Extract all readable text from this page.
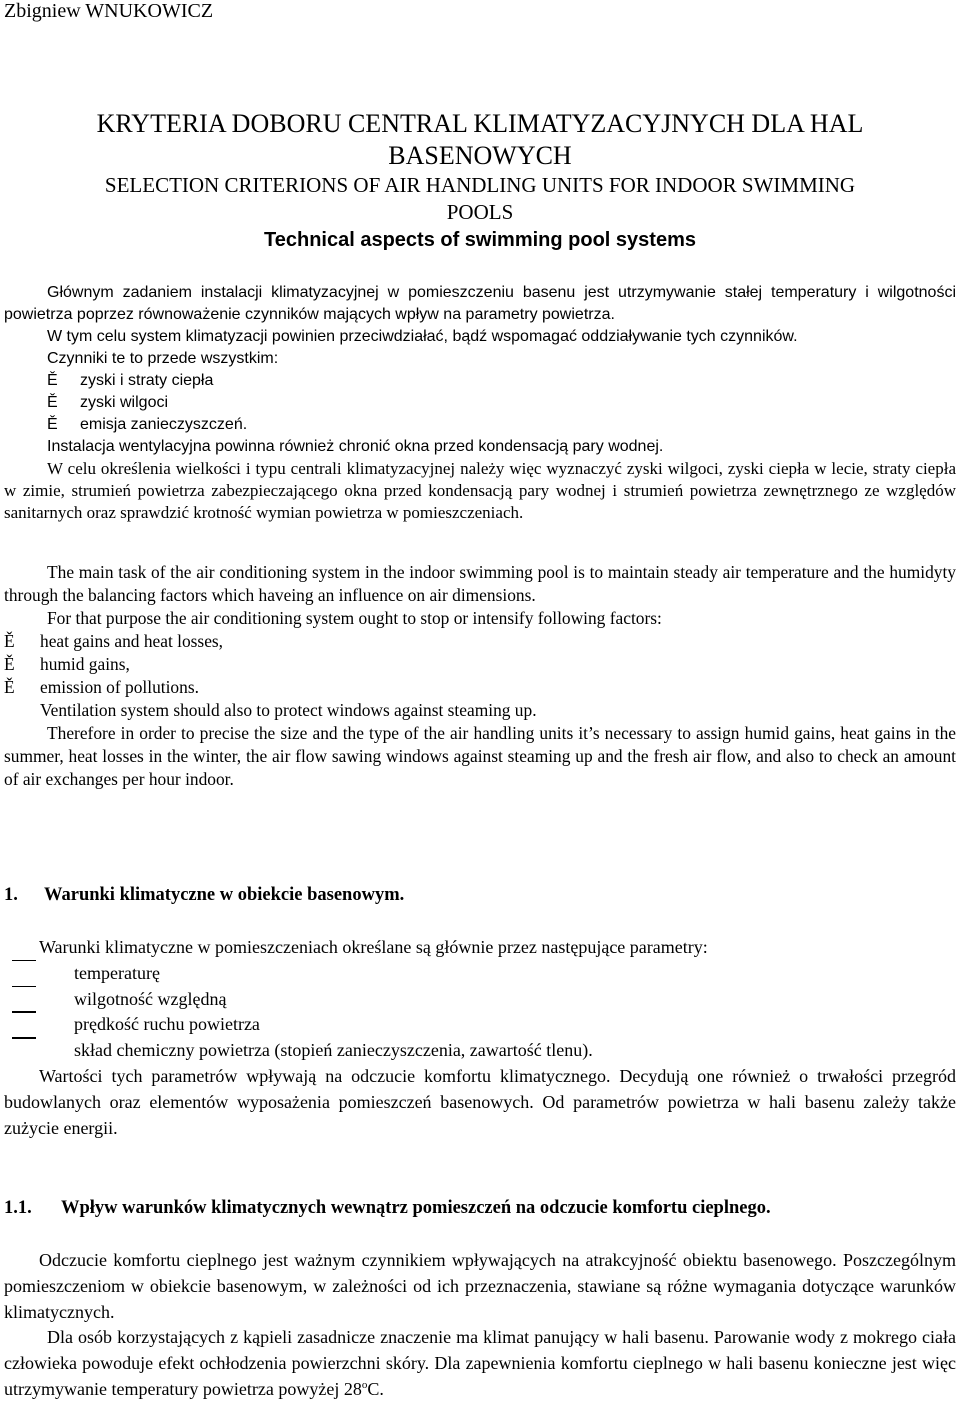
Zbigniew WNUKOWICZ
KRYTERIA DOBORU CENTRAL KLIMATYZACYJNYCH DLA HAL
BASENOWYCH
SELECTION CRITERIONS OF AIR HANDLING UNITS FOR INDOOR SWIMMING
POOLS
Technical aspects of swimming pool systems

Głównym zadaniem instalacji klimatyzacyjnej w pomieszczeniu basenu jest utrzymywanie stałej temperatury i wilgotności powietrza poprzez równoważenie czynników mających wpływ na parametry powietrza.

W tym celu system klimatyzacji powinien przeciwdziałać, bądź wspomagać oddziaływanie tych czynników.

Czynniki te to przede wszystkim:

Ě	zyski i straty ciepła
Ě	zyski wilgoci
Ě	emisja zanieczyszczeń.

Instalacja wentylacyjna powinna również chronić okna przed kondensacją pary wodnej.

W celu określenia wielkości i typu centrali klimatyzacyjnej należy więc wyznaczyć zyski wilgoci, zyski ciepła w lecie, straty ciepła w zimie, strumień powietrza zabezpieczającego okna przed kondensacją pary wodnej i strumień powietrza zewnętrznego ze względów sanitarnych oraz sprawdzić krotność wymian powietrza w pomieszczeniach.

The main task of the air conditioning system in the indoor swimming pool is to maintain steady air temperature and the humidyty through the balancing factors which haveing an influence on air dimensions.

For that purpose the air conditioning system ought to stop or intensify following factors:

Ě	heat gains and heat losses,
Ě	humid gains,
Ě	emission of pollutions.

Ventilation system should also to protect windows against steaming up.

Therefore in order to precise the size and the type of the air handling units it’s necessary to assign humid gains, heat gains in the summer, heat losses in the winter, the air flow sawing windows against steaming up and the fresh air flow, and also to check an amount of air exchanges per hour indoor.

1. Warunki klimatyczne w obiekcie basenowym.

Warunki klimatyczne w pomieszczeniach określane są głównie przez następujące parametry:

temperaturę
wilgotność względną
prędkość ruchu powietrza
skład chemiczny powietrza (stopień zanieczyszczenia, zawartość tlenu).

Wartości tych parametrów wpływają na odczucie komfortu klimatycznego. Decydują one również o trwałości przegród budowlanych oraz elementów wyposażenia pomieszczeń basenowych. Od parametrów powietrza w hali basenu zależy także zużycie energii.

1.1. Wpływ warunków klimatycznych wewnątrz pomieszczeń na odczucie komfortu cieplnego.

Odczucie komfortu cieplnego jest ważnym czynnikiem wpływających na atrakcyjność obiektu basenowego. Poszczególnym pomieszczeniom w obiekcie basenowym, w zależności od ich przeznaczenia, stawiane są różne wymagania dotyczące warunków klimatycznych.

Dla osób korzystających z kąpieli zasadnicze znaczenie ma klimat panujący w hali basenu. Parowanie wody z mokrego ciała człowieka powoduje efekt ochłodzenia powierzchni skóry. Dla zapewnienia komfortu cieplnego w hali basenu konieczne jest więc utrzymywanie temperatury powietrza powyżej 28$^o$C.
